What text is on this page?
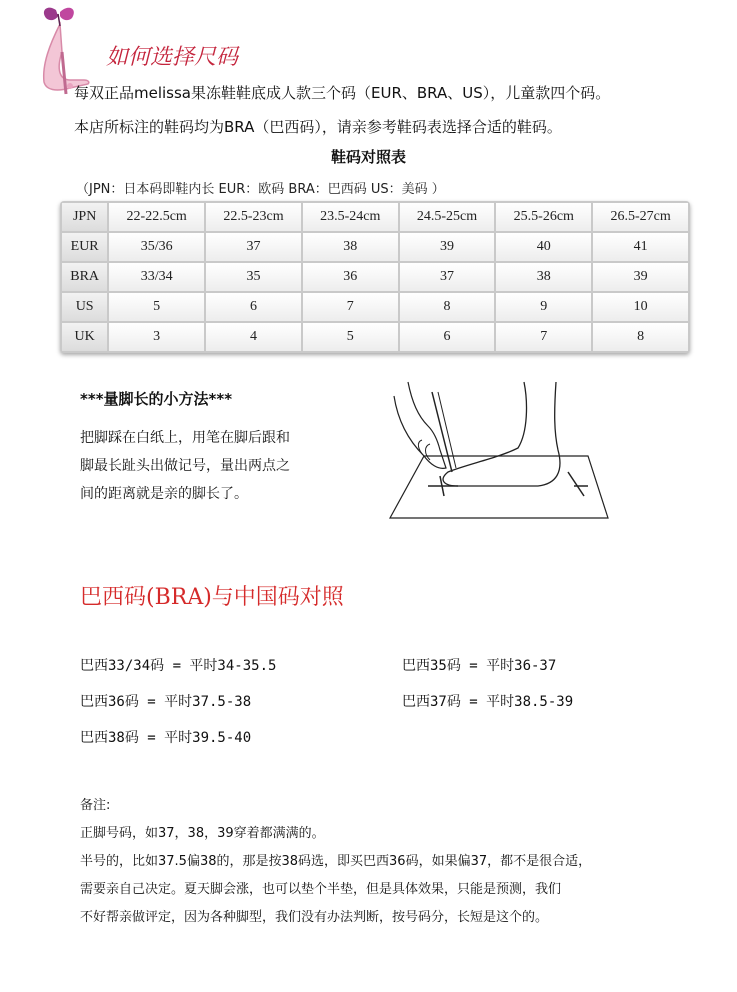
如何选择尺码
每双正品melissa果冻鞋鞋底成人款三个码（EUR、BRA、US），儿童款四个码。
本店所标注的鞋码均为BRA（巴西码），请亲参考鞋码表选择合适的鞋码。
鞋码对照表
（JPN：日本码即鞋内长 EUR：欧码 BRA：巴西码 US：美码 ）
JPN	22-22.5cm	22.5-23cm	23.5-24cm	24.5-25cm	25.5-26cm	26.5-27cm
EUR	35/36	37	38	39	40	41
BRA	33/34	35	36	37	38	39
US	5	6	7	8	9	10
UK	3	4	5	6	7	8
***量脚长的小方法***
把脚踩在白纸上，用笔在脚后跟和
脚最长趾头出做记号，量出两点之
间的距离就是亲的脚长了。
巴西码(BRA)与中国码对照
巴西33/34码 = 平时34-35.5	巴西35码 = 平时36-37
巴西36码 = 平时37.5-38	巴西37码 = 平时38.5-39
巴西38码 = 平时39.5-40
备注:
正脚号码，如37，38，39穿着都满满的。
半号的，比如37.5偏38的，那是按38码选，即买巴西36码，如果偏37，都不是很合适，
需要亲自己决定。夏天脚会涨，也可以垫个半垫，但是具体效果，只能是预测，我们
不好帮亲做评定，因为各种脚型，我们没有办法判断，按号码分，长短是这个的。
